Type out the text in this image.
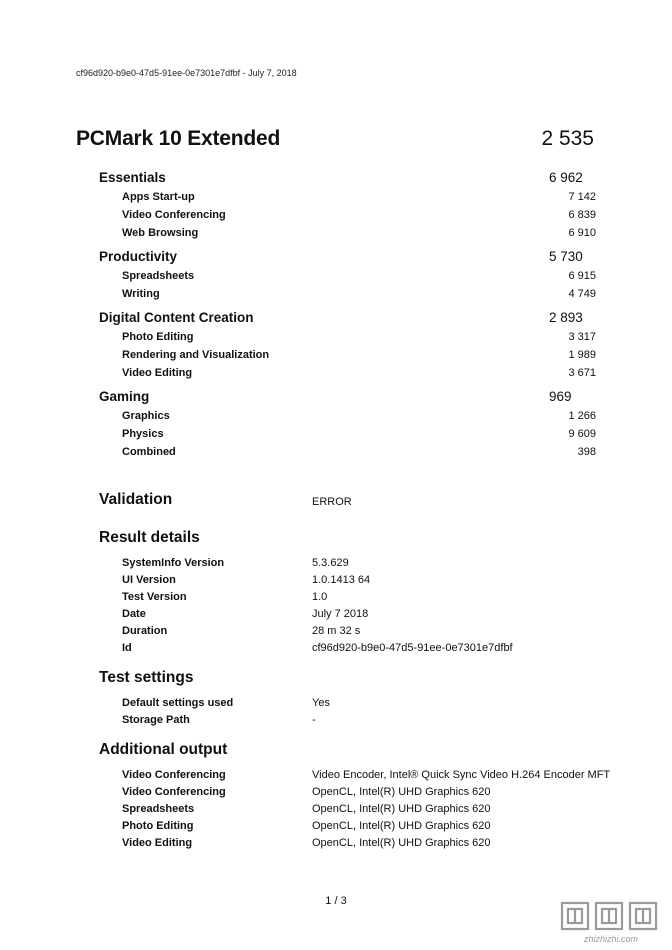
cf96d920-b9e0-47d5-91ee-0e7301e7dfbf - July 7, 2018
PCMark 10 Extended	2 535
Essentials	6 962
Apps Start-up	7 142
Video Conferencing	6 839
Web Browsing	6 910
Productivity	5 730
Spreadsheets	6 915
Writing	4 749
Digital Content Creation	2 893
Photo Editing	3 317
Rendering and Visualization	1 989
Video Editing	3 671
Gaming	969
Graphics	1 266
Physics	9 609
Combined	398
Validation	ERROR
Result details
SystemInfo Version	5.3.629
UI Version	1.0.1413 64
Test Version	1.0
Date	July 7 2018
Duration	28 m 32 s
Id	cf96d920-b9e0-47d5-91ee-0e7301e7dfbf
Test settings
Default settings used	Yes
Storage Path	-
Additional output
Video Conferencing	Video Encoder, Intel® Quick Sync Video H.264 Encoder MFT
Video Conferencing	OpenCL, Intel(R) UHD Graphics 620
Spreadsheets	OpenCL, Intel(R) UHD Graphics 620
Photo Editing	OpenCL, Intel(R) UHD Graphics 620
Video Editing	OpenCL, Intel(R) UHD Graphics 620
1 / 3
zhizhizhi.com
